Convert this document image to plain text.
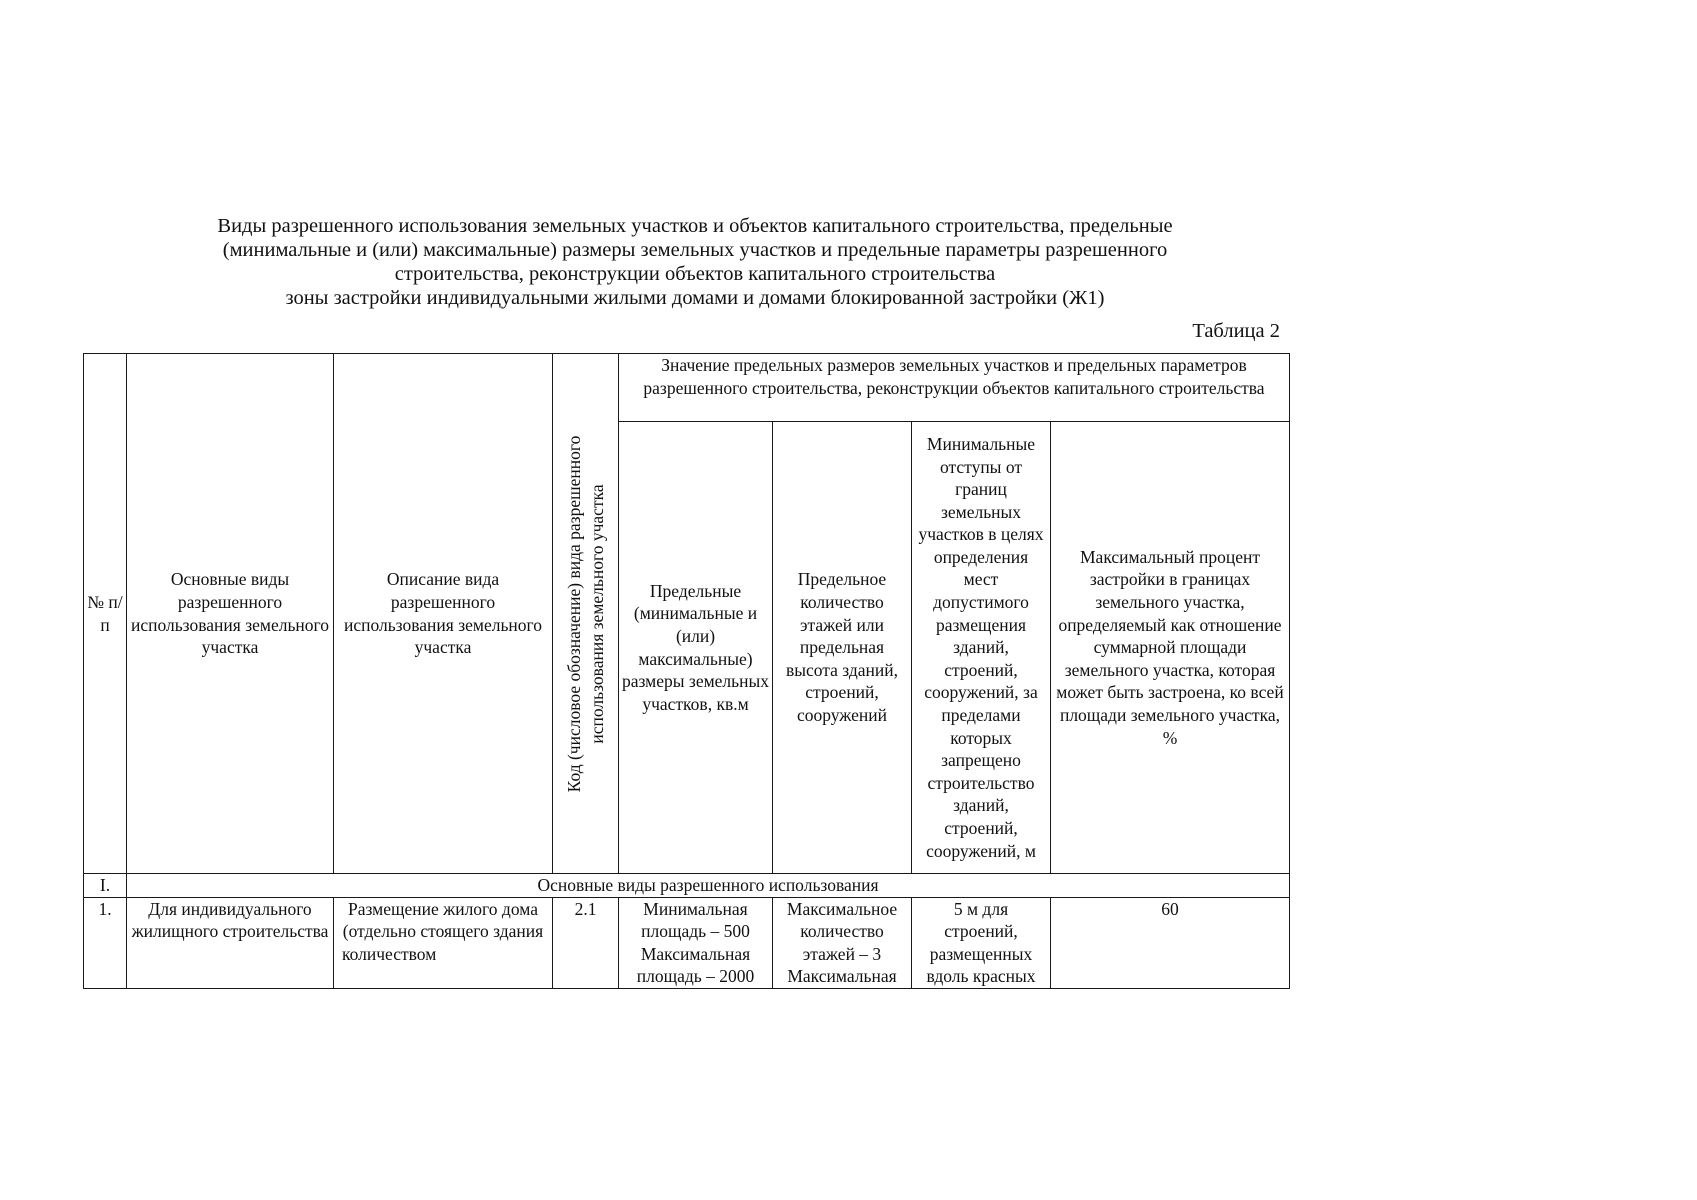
Виды разрешенного использования земельных участков и объектов капитального строительства, предельные
(минимальные и (или) максимальные) размеры земельных участков и предельные параметры разрешенного
строительства, реконструкции объектов капитального строительства
зоны застройки индивидуальными жилыми домами и домами блокированной застройки (Ж1)
Таблица 2
№ п/п	Основные виды разрешенного использования земельного участка	Описание вида разрешенного использования земельного участка	Код (числовое обозначение) вида разрешенного использования земельного участка	Значение предельных размеров земельных участков и предельных параметров разрешенного строительства, реконструкции объектов капитального строительства			
				Предельные (минимальные и (или) максимальные) размеры земельных участков, кв.м	Предельное количество этажей или предельная высота зданий, строений, сооружений	Минимальные отступы от границ земельных участков в целях определения мест допустимого размещения зданий, строений, сооружений, за пределами которых запрещено строительство зданий, строений, сооружений, м	Максимальный процент застройки в границах земельного участка, определяемый как отношение суммарной площади земельного участка, которая может быть застроена, ко всей площади земельного участка, %
I.	Основные виды разрешенного использования						
1.	Для индивидуального жилищного строительства	Размещение жилого дома (отдельно стоящего здания количеством	2.1	Минимальная площадь – 500 Максимальная площадь – 2000	Максимальное количество этажей – 3 Максимальная	5 м для строений, размещенных вдоль красных	60
